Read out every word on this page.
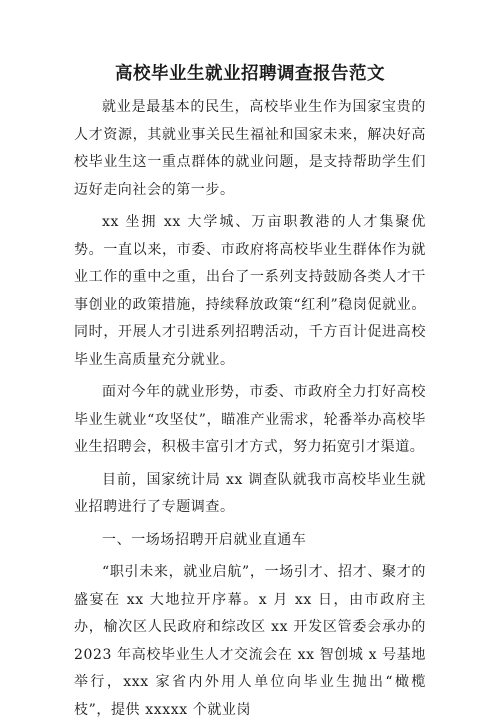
高校毕业生就业招聘调查报告范文

就业是最基本的民生，高校毕业生作为国家宝贵的人才资源，其就业事关民生福祉和国家未来，解决好高校毕业生这一重点群体的就业问题，是支持帮助学生们迈好走向社会的第一步。

xx 坐拥 xx 大学城、万亩职教港的人才集聚优势。一直以来，市委、市政府将高校毕业生群体作为就业工作的重中之重，出台了一系列支持鼓励各类人才干事创业的政策措施，持续释放政策“红利”稳岗促就业。同时，开展人才引进系列招聘活动，千方百计促进高校毕业生高质量充分就业。

面对今年的就业形势，市委、市政府全力打好高校毕业生就业“攻坚仗”，瞄准产业需求，轮番举办高校毕业生招聘会，积极丰富引才方式，努力拓宽引才渠道。

目前，国家统计局 xx 调查队就我市高校毕业生就业招聘进行了专题调查。

一、一场场招聘开启就业直通车

“职引未来，就业启航”，一场引才、招才、聚才的盛宴在 xx 大地拉开序幕。x 月 xx 日，由市政府主办，榆次区人民政府和综改区 xx 开发区管委会承办的 2023 年高校毕业生人才交流会在 xx 智创城 x 号基地举行，xxx 家省内外用人单位向毕业生抛出“橄榄枝”，提供 xxxxx 个就业岗
